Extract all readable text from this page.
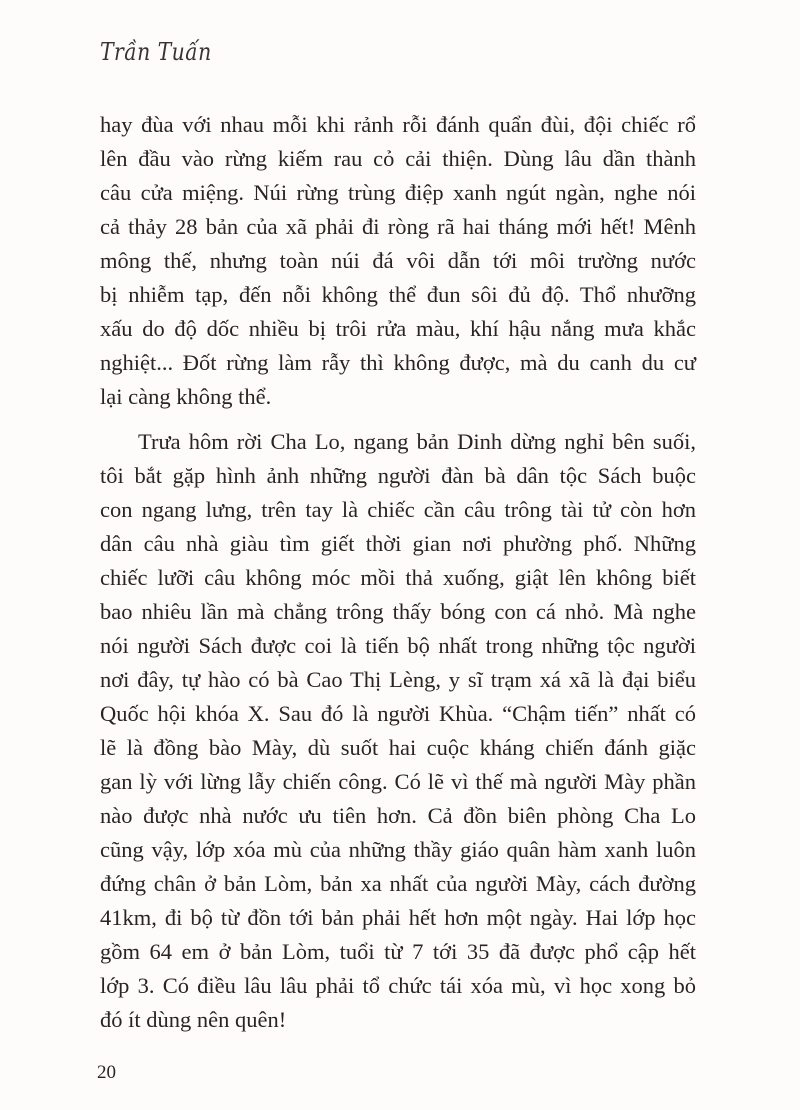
Trần Tuấn
hay đùa với nhau mỗi khi rảnh rỗi đánh quẩn đùi, đội chiếc rổ
lên đầu vào rừng kiếm rau cỏ cải thiện. Dùng lâu dần thành
câu cửa miệng. Núi rừng trùng điệp xanh ngút ngàn, nghe nói
cả thảy 28 bản của xã phải đi ròng rã hai tháng mới hết! Mênh
mông thế, nhưng toàn núi đá vôi dẫn tới môi trường nước
bị nhiễm tạp, đến nỗi không thể đun sôi đủ độ. Thổ nhưỡng
xấu do độ dốc nhiều bị trôi rửa màu, khí hậu nắng mưa khắc
nghiệt... Đốt rừng làm rẫy thì không được, mà du canh du cư
lại càng không thể.
Trưa hôm rời Cha Lo, ngang bản Dinh dừng nghỉ bên suối,
tôi bắt gặp hình ảnh những người đàn bà dân tộc Sách buộc
con ngang lưng, trên tay là chiếc cần câu trông tài tử còn hơn
dân câu nhà giàu tìm giết thời gian nơi phường phố. Những
chiếc lưỡi câu không móc mồi thả xuống, giật lên không biết
bao nhiêu lần mà chẳng trông thấy bóng con cá nhỏ. Mà nghe
nói người Sách được coi là tiến bộ nhất trong những tộc người
nơi đây, tự hào có bà Cao Thị Lèng, y sĩ trạm xá xã là đại biểu
Quốc hội khóa X. Sau đó là người Khùa. “Chậm tiến” nhất có
lẽ là đồng bào Mày, dù suốt hai cuộc kháng chiến đánh giặc
gan lỳ với lừng lẫy chiến công. Có lẽ vì thế mà người Mày phần
nào được nhà nước ưu tiên hơn. Cả đồn biên phòng Cha Lo
cũng vậy, lớp xóa mù của những thầy giáo quân hàm xanh luôn
đứng chân ở bản Lòm, bản xa nhất của người Mày, cách đường
41km, đi bộ từ đồn tới bản phải hết hơn một ngày. Hai lớp học
gồm 64 em ở bản Lòm, tuổi từ 7 tới 35 đã được phổ cập hết
lớp 3. Có điều lâu lâu phải tổ chức tái xóa mù, vì học xong bỏ
đó ít dùng nên quên!
20
